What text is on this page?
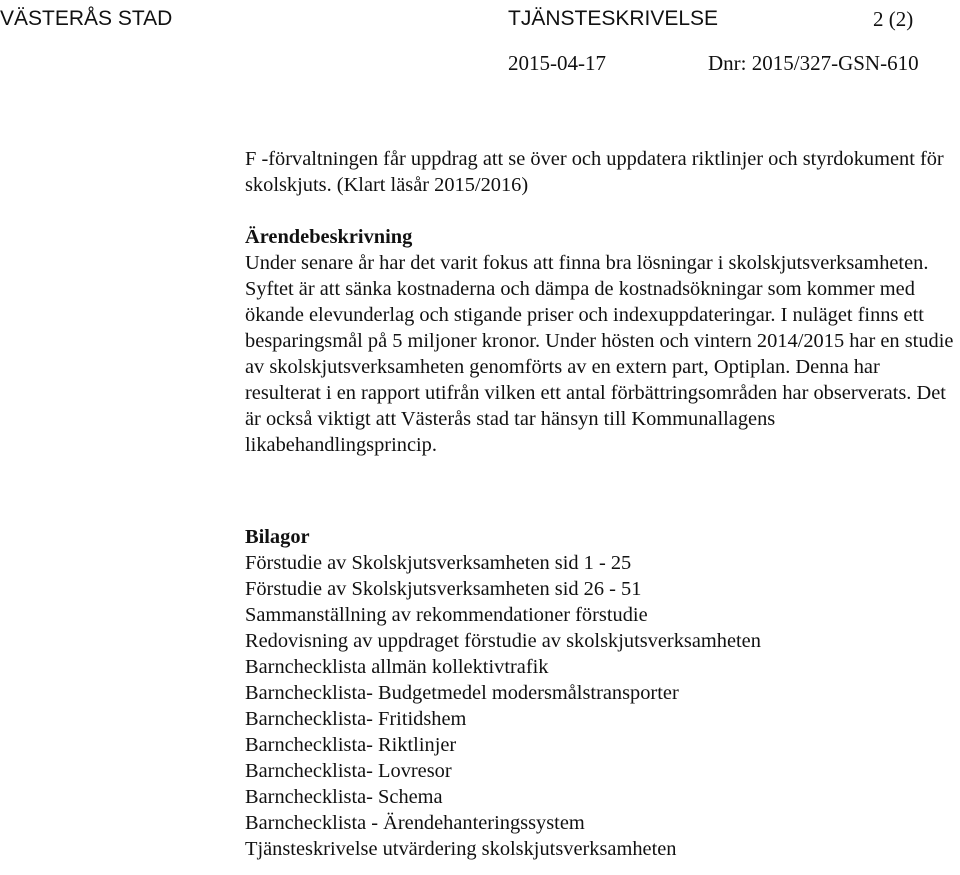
VÄSTERÅS STAD	TJÄNSTESKRIVELSE	2 (2)
2015-04-17	Dnr: 2015/327-GSN-610

F -förvaltningen får uppdrag att se över och uppdatera riktlinjer och styrdokument för skolskjuts. (Klart läsår 2015/2016)

Ärendebeskrivning

Under senare år har det varit fokus att finna bra lösningar i skolskjutsverksamheten. Syftet är att sänka kostnaderna och dämpa de kostnadsökningar som kommer med ökande elevunderlag och stigande priser och indexuppdateringar. I nuläget finns ett besparingsmål på 5 miljoner kronor. Under hösten och vintern 2014/2015 har en studie av skolskjutsverksamheten genomförts av en extern part, Optiplan. Denna har resulterat i en rapport utifrån vilken ett antal förbättringsområden har observerats. Det är också viktigt att Västerås stad tar hänsyn till Kommunallagens likabehandlingsprincip.

Bilagor

Förstudie av Skolskjutsverksamheten sid 1 - 25
Förstudie av Skolskjutsverksamheten sid 26 - 51
Sammanställning av rekommendationer förstudie
Redovisning av uppdraget förstudie av skolskjutsverksamheten
Barnchecklista allmän kollektivtrafik
Barnchecklista- Budgetmedel modersmålstransporter
Barnchecklista- Fritidshem
Barnchecklista- Riktlinjer
Barnchecklista- Lovresor
Barnchecklista- Schema
Barnchecklista - Ärendehanteringssystem
Tjänsteskrivelse utvärdering skolskjutsverksamheten
